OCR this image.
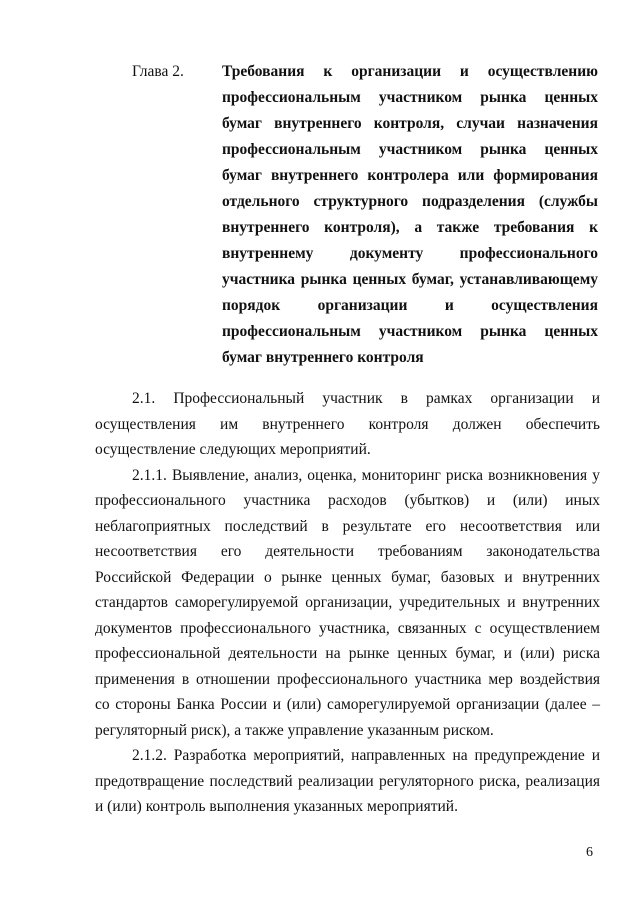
Глава 2. Требования к организации и осуществлению профессиональным участником рынка ценных бумаг внутреннего контроля, случаи назначения профессиональным участником рынка ценных бумаг внутреннего контролера или формирования отдельного структурного подразделения (службы внутреннего контроля), а также требования к внутреннему документу профессионального участника рынка ценных бумаг, устанавливающему порядок организации и осуществления профессиональным участником рынка ценных бумаг внутреннего контроля

2.1. Профессиональный участник в рамках организации и осуществления им внутреннего контроля должен обеспечить осуществление следующих мероприятий.

2.1.1. Выявление, анализ, оценка, мониторинг риска возникновения у профессионального участника расходов (убытков) и (или) иных неблагоприятных последствий в результате его несоответствия или несоответствия его деятельности требованиям законодательства Российской Федерации о рынке ценных бумаг, базовых и внутренних стандартов саморегулируемой организации, учредительных и внутренних документов профессионального участника, связанных с осуществлением профессиональной деятельности на рынке ценных бумаг, и (или) риска применения в отношении профессионального участника мер воздействия со стороны Банка России и (или) саморегулируемой организации (далее – регуляторный риск), а также управление указанным риском.

2.1.2. Разработка мероприятий, направленных на предупреждение и предотвращение последствий реализации регуляторного риска, реализация и (или) контроль выполнения указанных мероприятий.

6
